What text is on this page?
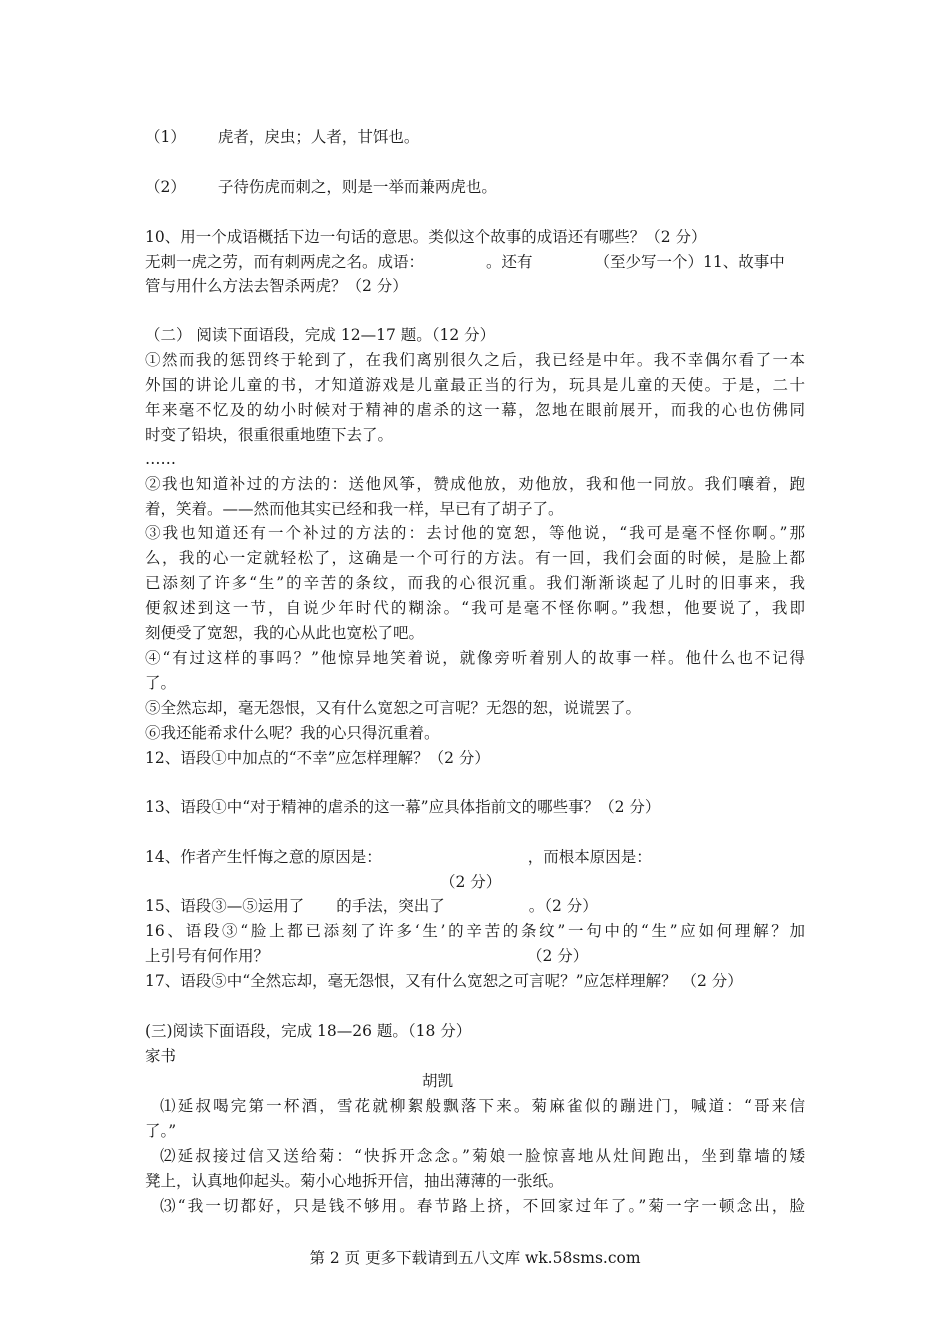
（1） 虎者，戾虫；人者，甘饵也。
（2） 子待伤虎而刺之，则是一举而兼两虎也。
10、用一个成语概括下边一句话的意思。类似这个故事的成语还有哪些？（2 分）
无刺一虎之劳，而有刺两虎之名。成语：	。还有	（至少写一个）11、故事中
管与用什么方法去智杀两虎？（2 分）
（二） 阅读下面语段，完成 12—17 题。（12 分）
①然而我的惩罚终于轮到了，在我们离别很久之后，我已经是中年。我不幸偶尔看了一本
外国的讲论儿童的书，才知道游戏是儿童最正当的行为，玩具是儿童的天使。于是，二十
年来毫不忆及的幼小时候对于精神的虐杀的这一幕，忽地在眼前展开，而我的心也仿佛同
时变了铅块，很重很重地堕下去了。
……
②我也知道补过的方法的：送他风筝，赞成他放，劝他放，我和他一同放。我们嚷着，跑
着，笑着。——然而他其实已经和我一样，早已有了胡子了。
③我也知道还有一个补过的方法的：去讨他的宽恕，等他说，“我可是毫不怪你啊。”那
么，我的心一定就轻松了，这确是一个可行的方法。有一回，我们会面的时候，是脸上都
已添刻了许多“生”的辛苦的条纹，而我的心很沉重。我们渐渐谈起了儿时的旧事来，我
便叙述到这一节，自说少年时代的糊涂。“我可是毫不怪你啊。”我想，他要说了，我即
刻便受了宽恕，我的心从此也宽松了吧。
④“有过这样的事吗？”他惊异地笑着说，就像旁听着别人的故事一样。他什么也不记得
了。
⑤全然忘却，毫无怨恨，又有什么宽恕之可言呢？无怨的恕，说谎罢了。
⑥我还能希求什么呢？我的心只得沉重着。
12、语段①中加点的“不幸”应怎样理解？（2 分）
13、语段①中“对于精神的虐杀的这一幕”应具体指前文的哪些事？（2 分）
14、作者产生忏悔之意的原因是：	，而根本原因是：
（2 分）
15、语段③—⑤运用了 的手法，突出了	。（2 分）
16、语段③“脸上都已添刻了许多‘生’的辛苦的条纹”一句中的“生”应如何理解？加
上引号有何作用？	（2 分）
17、语段⑤中“全然忘却，毫无怨恨，又有什么宽恕之可言呢？”应怎样理解？ （2 分）
(三)阅读下面语段，完成 18—26 题。（18 分）
家书
胡凯
⑴延叔喝完第一杯酒，雪花就柳絮般飘落下来。菊麻雀似的蹦进门，喊道：“哥来信
了。”
⑵延叔接过信又送给菊：“快拆开念念。”菊娘一脸惊喜地从灶间跑出，坐到靠墙的矮
凳上，认真地仰起头。菊小心地拆开信，抽出薄薄的一张纸。
⑶“我一切都好，只是钱不够用。春节路上挤，不回家过年了。”菊一字一顿念出，脸
第 2 页 更多下载请到五八文库 wk.58sms.com
